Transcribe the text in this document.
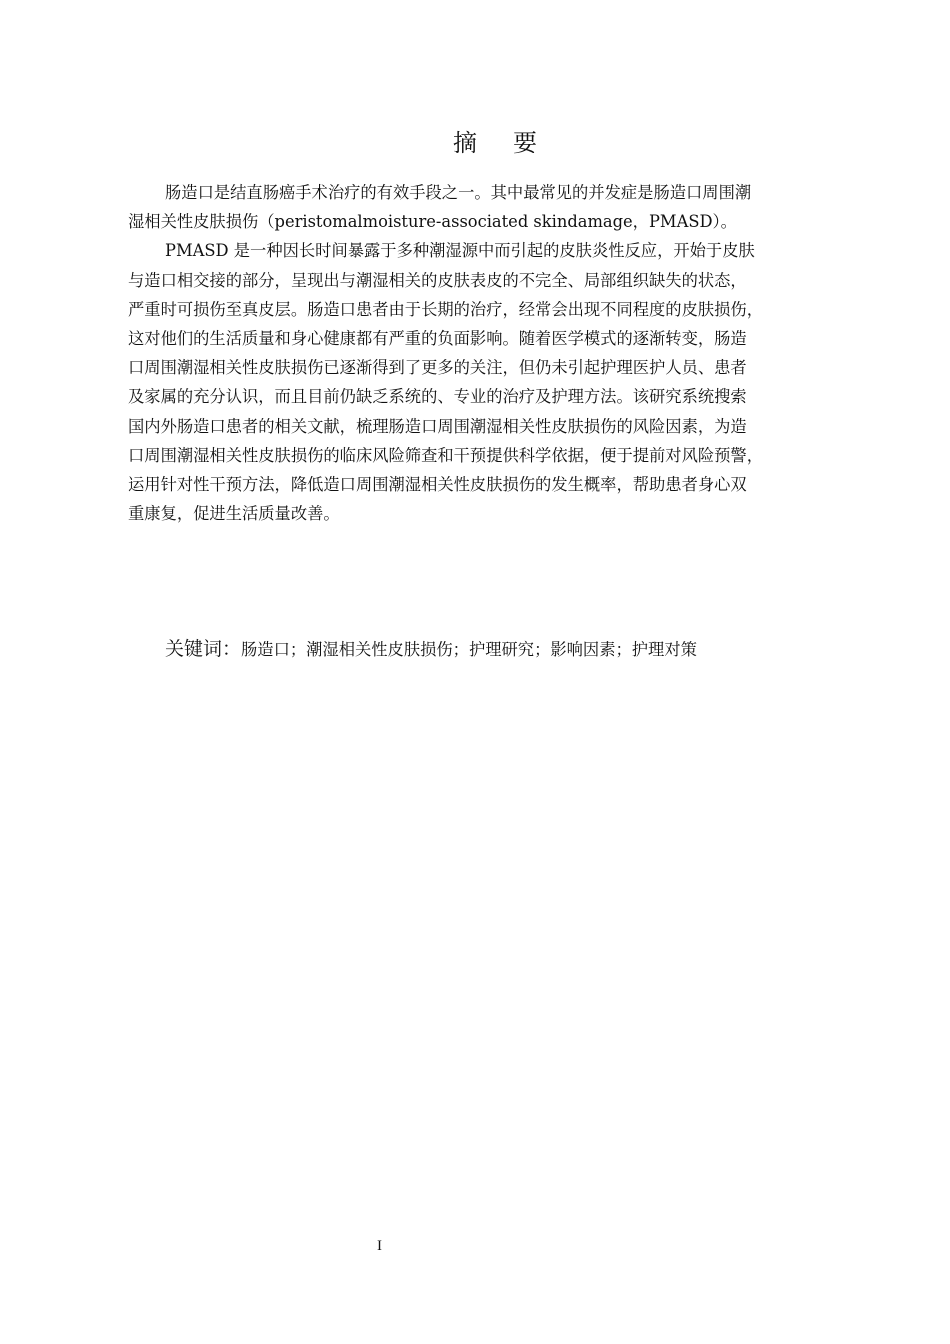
摘 要
肠造口是结直肠癌手术治疗的有效手段之一。其中最常见的并发症是肠造口周围潮
湿相关性皮肤损伤（peristomalmoisture-associated skindamage，PMASD）。
PMASD 是一种因长时间暴露于多种潮湿源中而引起的皮肤炎性反应，开始于皮肤
与造口相交接的部分，呈现出与潮湿相关的皮肤表皮的不完全、局部组织缺失的状态，
严重时可损伤至真皮层。肠造口患者由于长期的治疗，经常会出现不同程度的皮肤损伤，
这对他们的生活质量和身心健康都有严重的负面影响。随着医学模式的逐渐转变，肠造
口周围潮湿相关性皮肤损伤已逐渐得到了更多的关注，但仍未引起护理医护人员、患者
及家属的充分认识，而且目前仍缺乏系统的、专业的治疗及护理方法。该研究系统搜索
国内外肠造口患者的相关文献，梳理肠造口周围潮湿相关性皮肤损伤的风险因素，为造
口周围潮湿相关性皮肤损伤的临床风险筛查和干预提供科学依据，便于提前对风险预警，
运用针对性干预方法，降低造口周围潮湿相关性皮肤损伤的发生概率，帮助患者身心双
重康复，促进生活质量改善。
关键词：肠造口；潮湿相关性皮肤损伤；护理研究；影响因素；护理对策
I
